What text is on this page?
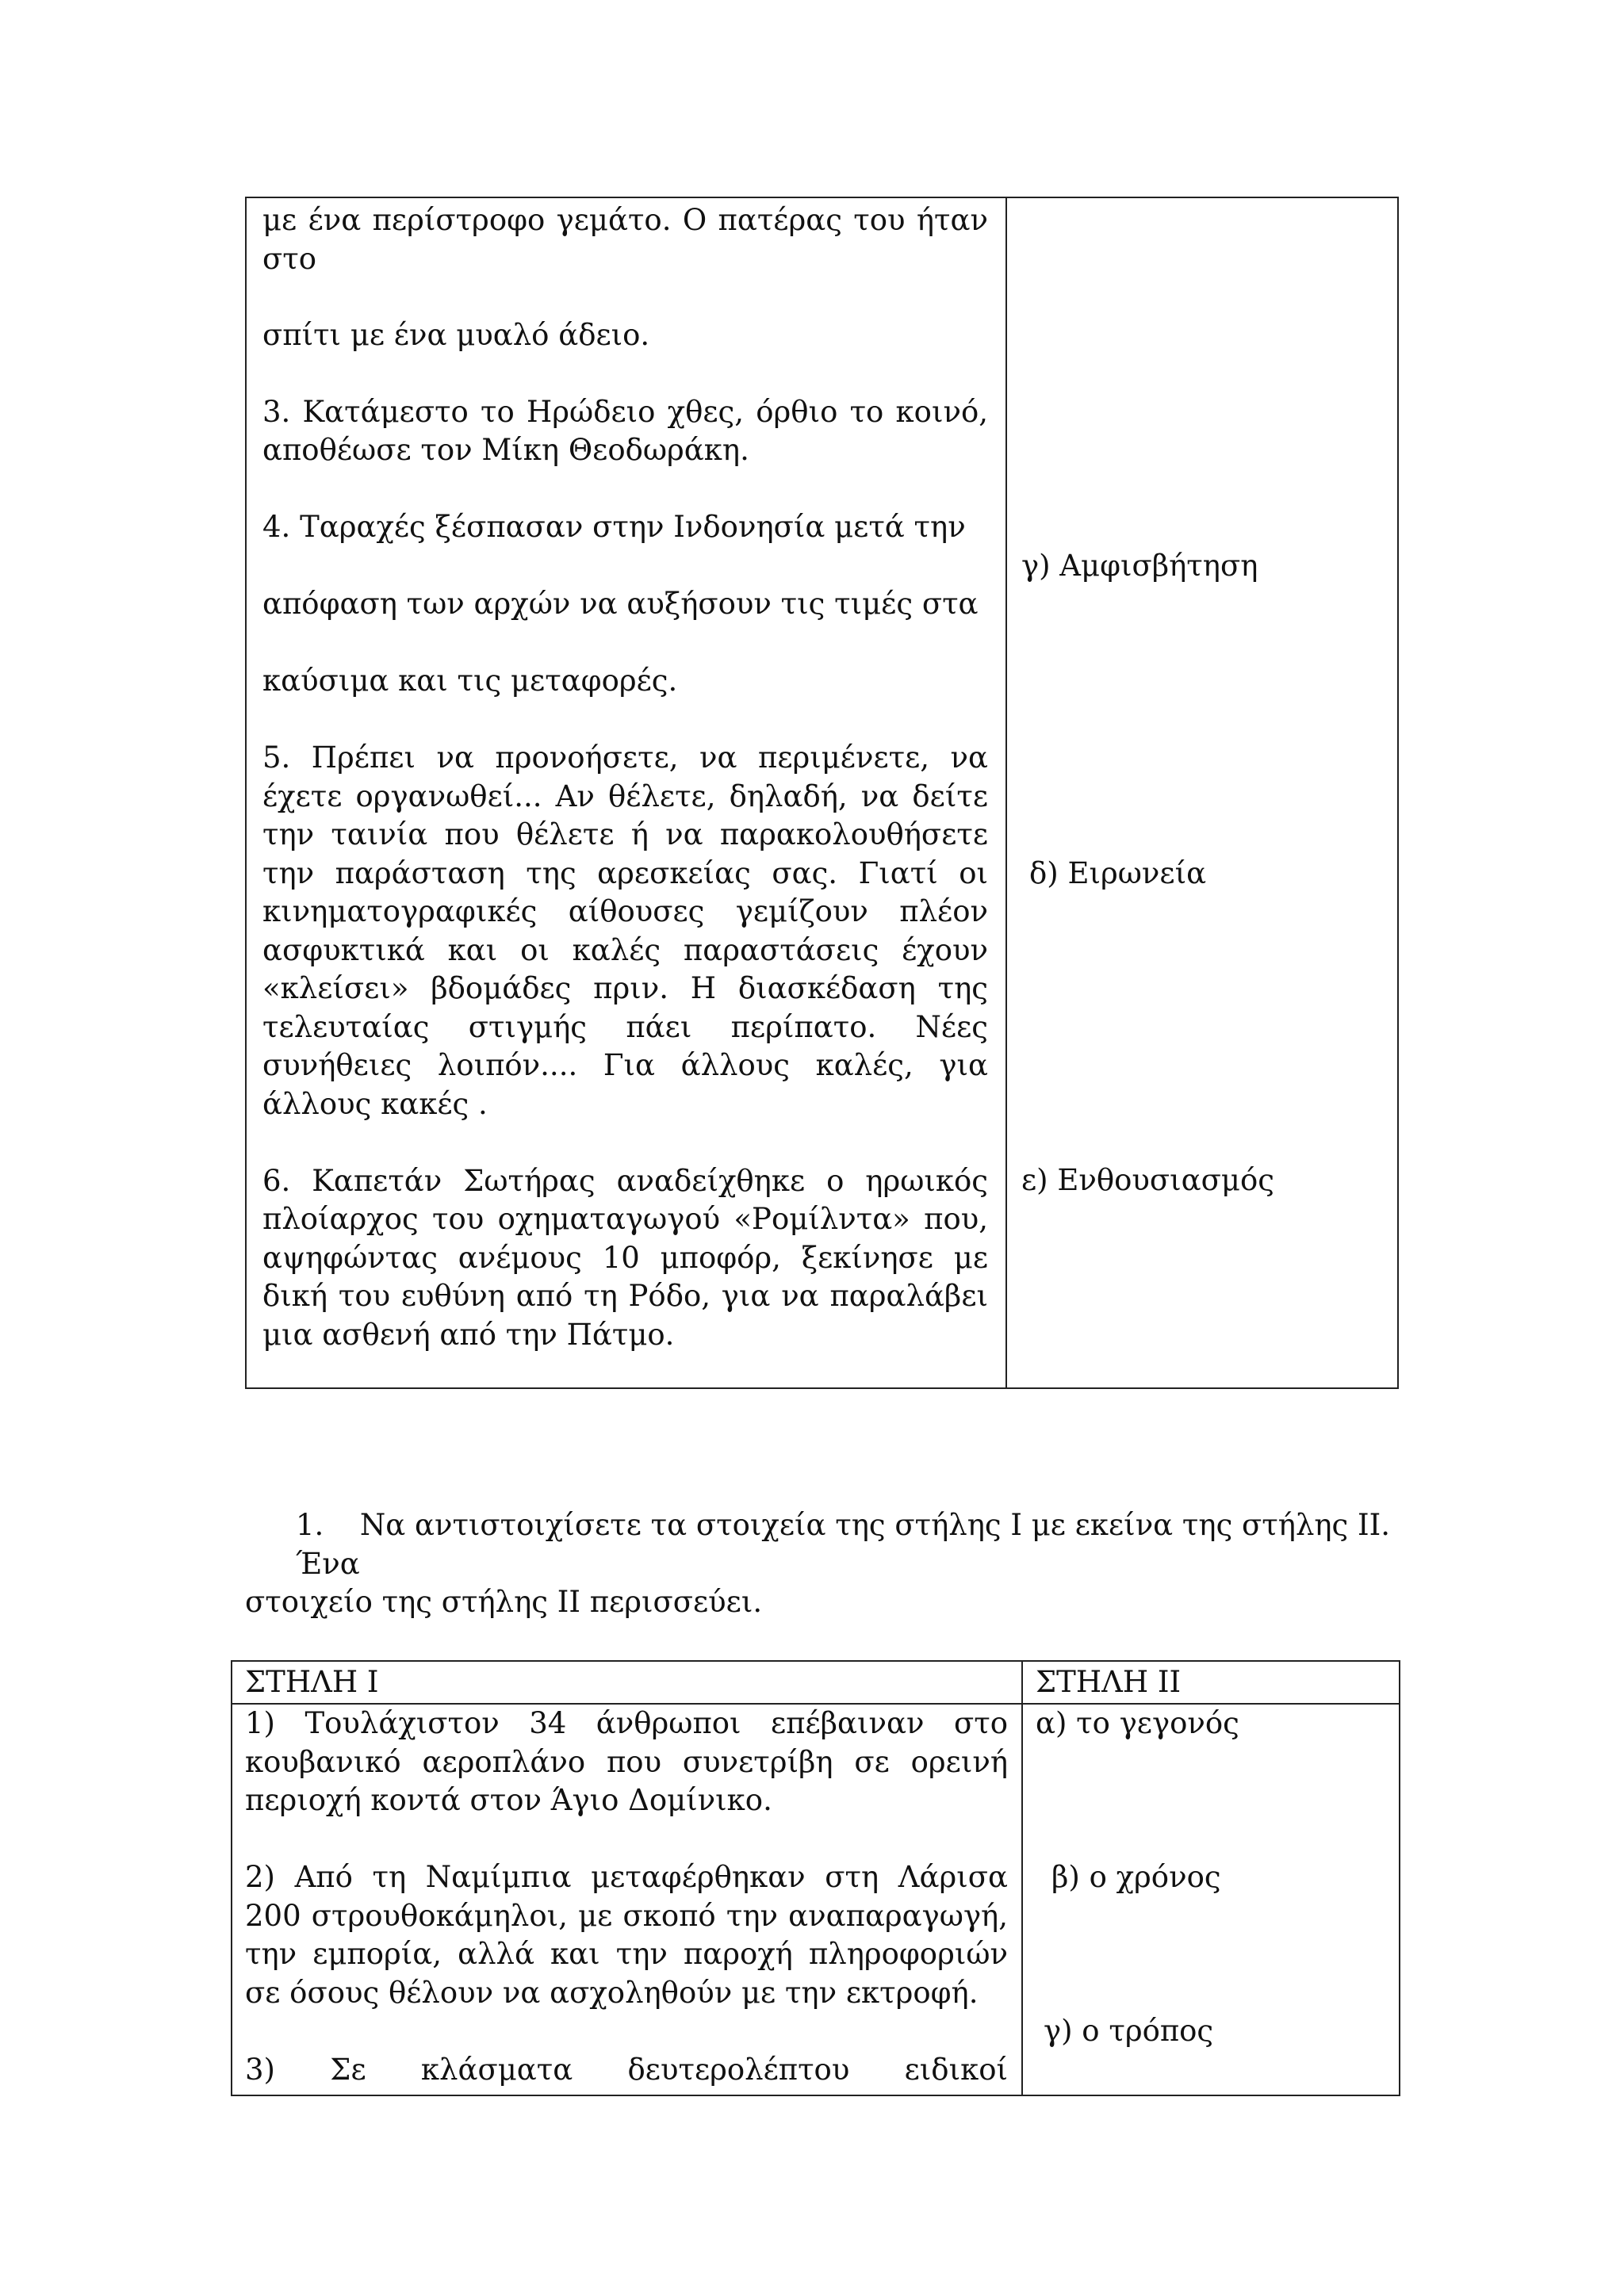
με ένα περίστροφο γεμάτο. Ο πατέρας του ήταν στο

σπίτι με ένα μυαλό άδειο.

3. Κατάμεστο το Ηρώδειο χθες, όρθιο το κοινό, αποθέωσε τον Μίκη Θεοδωράκη.

4. Ταραχές ξέσπασαν στην Ινδονησία μετά την

απόφαση των αρχών να αυξήσουν τις τιμές στα

καύσιμα και τις μεταφορές.

5. Πρέπει να προνοήσετε, να περιμένετε, να έχετε οργανωθεί... Αν θέλετε, δηλαδή, να δείτε την ταινία που θέλετε ή να παρακολουθήσετε την παράσταση της αρεσκείας σας. Γιατί οι κινηματογραφικές αίθουσες γεμίζουν πλέον ασφυκτικά και οι καλές παραστάσεις έχουν «κλείσει» βδομάδες πριν. Η διασκέδαση της τελευταίας στιγμής πάει περίπατο. Νέες συνήθειες λοιπόν.... Για άλλους καλές, για άλλους κακές .

6. Καπετάν Σωτήρας αναδείχθηκε ο ηρωικός πλοίαρχος του οχηματαγωγού «Ρομίλντα» που, αψηφώντας ανέμους 10 μποφόρ, ξεκίνησε με δική του ευθύνη από τη Ρόδο, για να παραλάβει μια ασθενή από την Πάτμο.

γ) Αμφισβήτηση
δ) Ειρωνεία
ε) Ενθουσιασμός
1. Να αντιστοιχίσετε τα στοιχεία της στήλης Ι με εκείνα της στήλης ΙΙ. Ένα
στοιχείο της στήλης ΙΙ περισσεύει.
ΣΤΗΛΗ Ι	ΣΤΗΛΗ ΙΙ

1) Τουλάχιστον 34 άνθρωποι επέβαιναν στο κουβανικό αεροπλάνο που συνετρίβη σε ορεινή περιοχή κοντά στον Άγιο Δομίνικο.

2) Από τη Ναμίμπια μεταφέρθηκαν στη Λάρισα 200 στρουθοκάμηλοι, με σκοπό την αναπαραγωγή, την εμπορία, αλλά και την παροχή πληροφοριών σε όσους θέλουν να ασχοληθούν με την εκτροφή.

3) Σε κλάσματα δευτερολέπτου ειδικοί

α) το γεγονός
β) ο χρόνος
γ) ο τρόπος
